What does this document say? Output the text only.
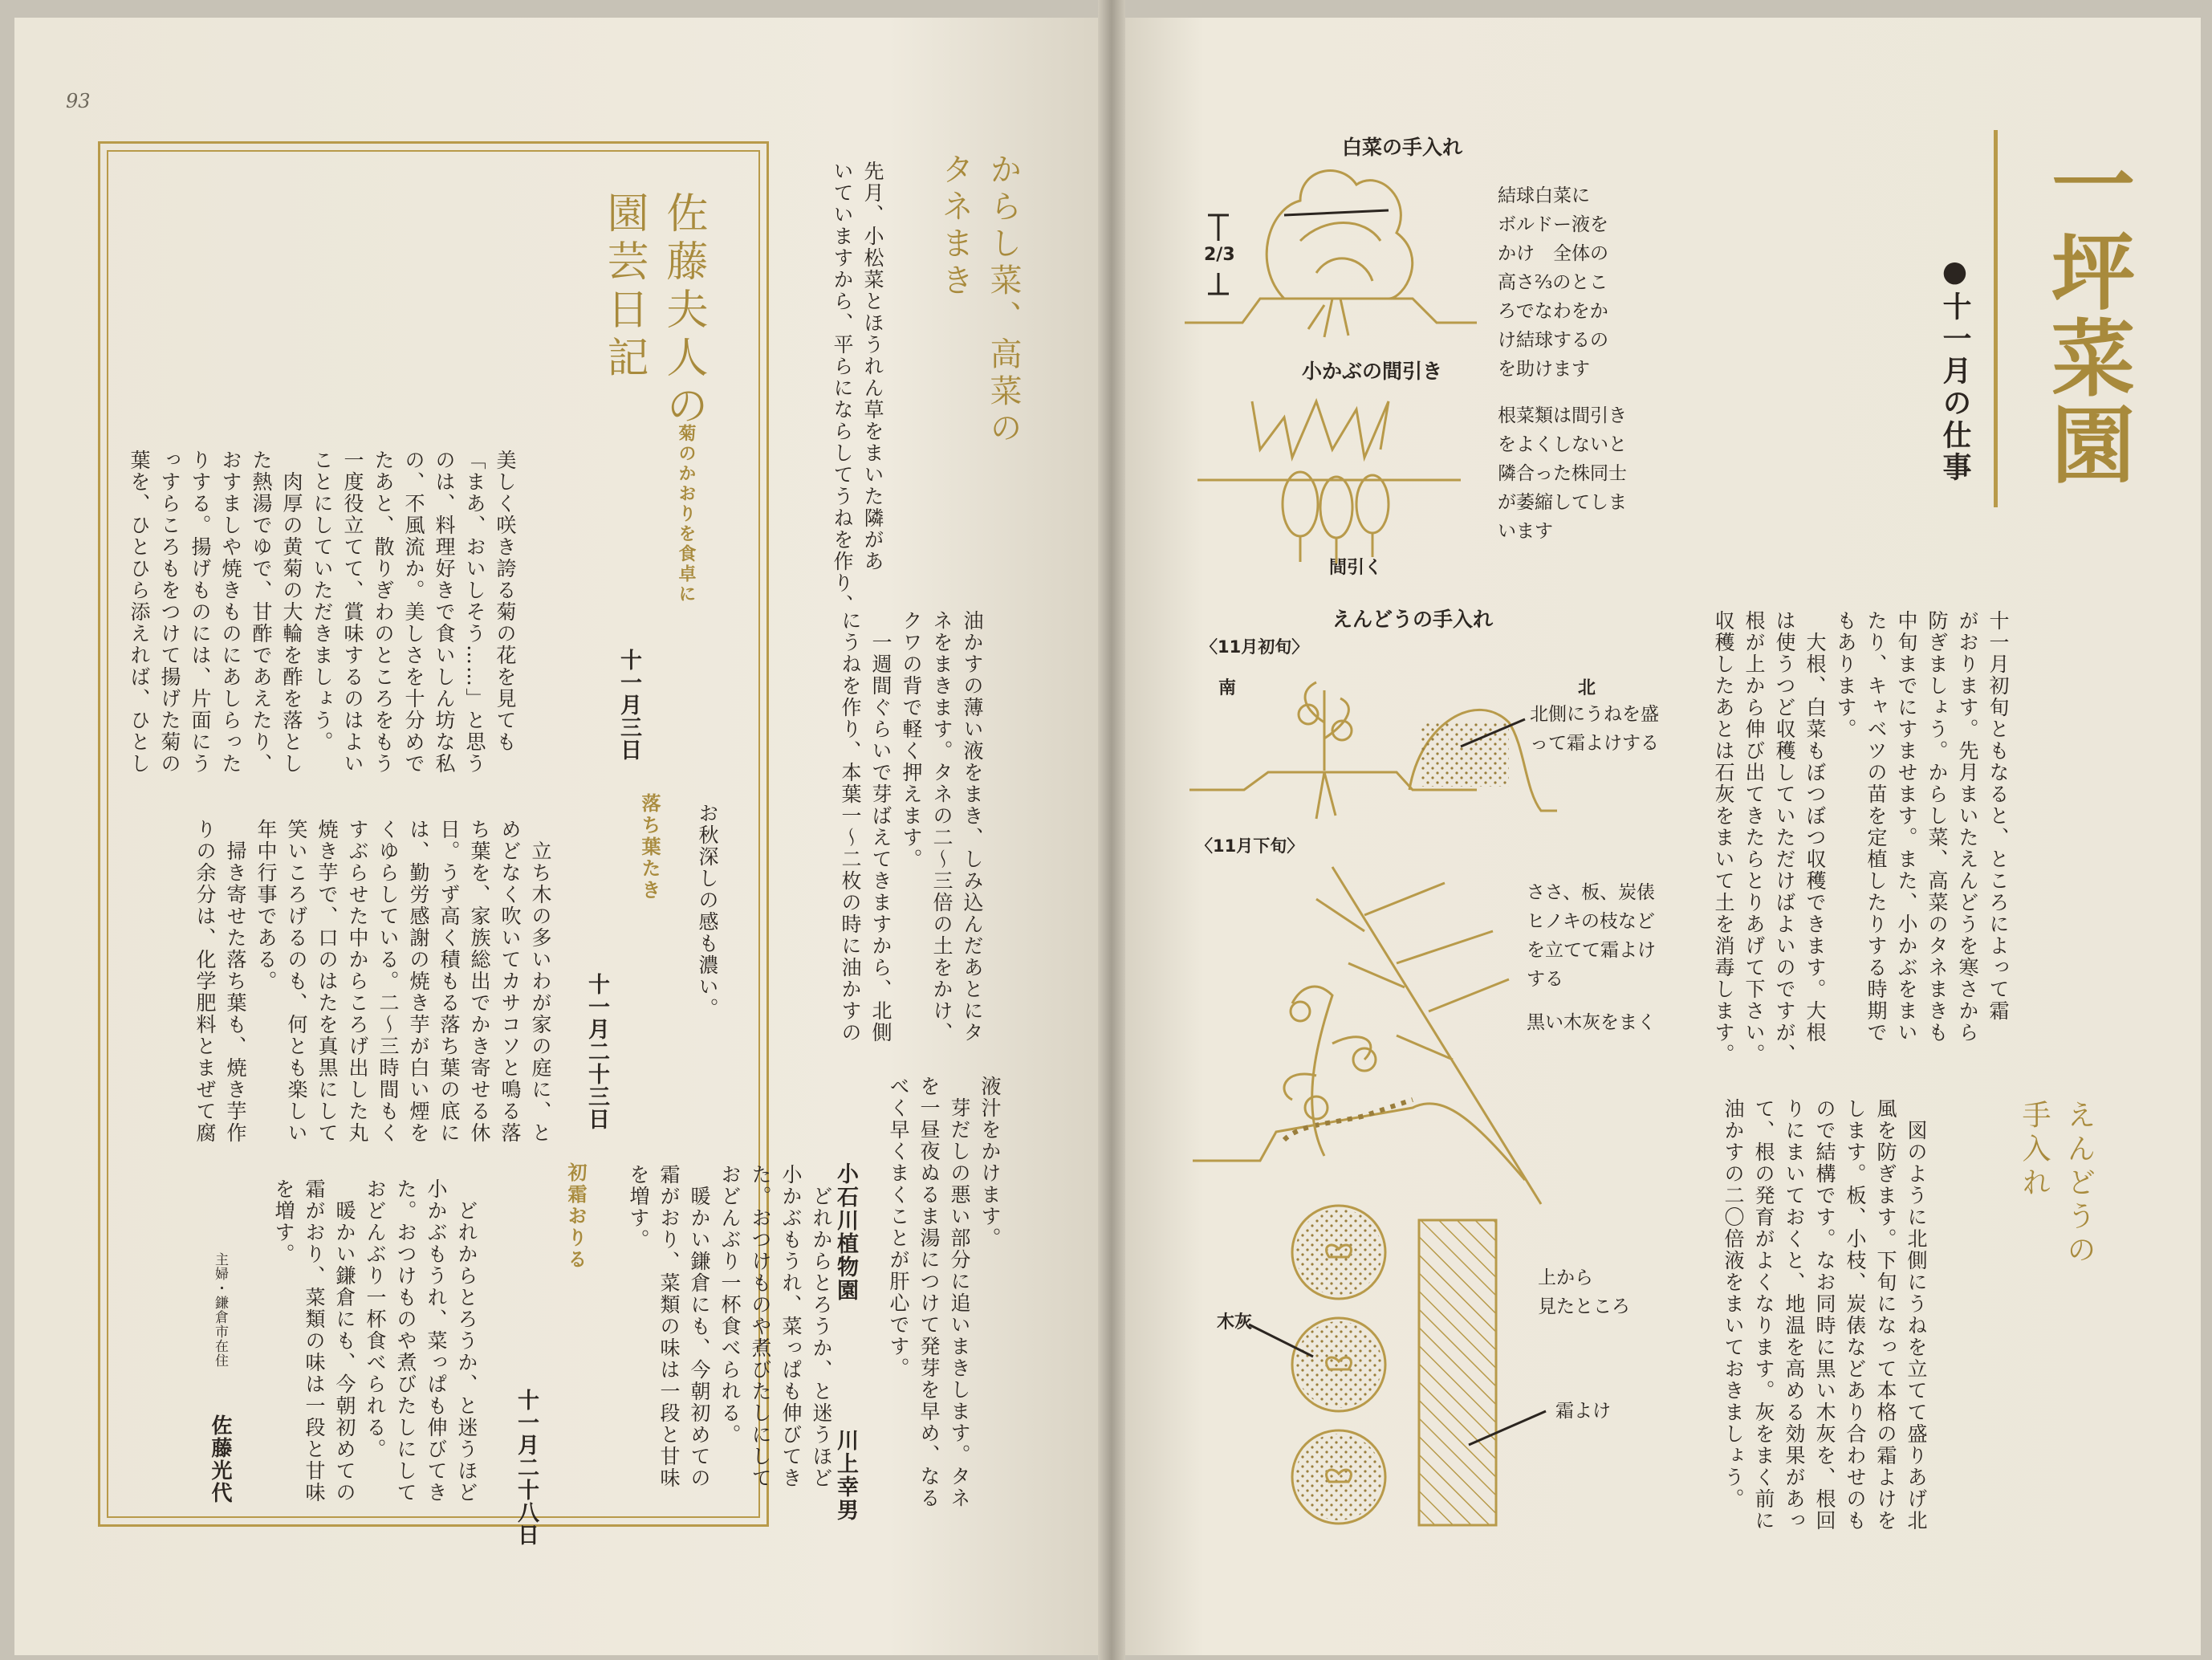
93
佐藤夫人の
園芸日記
菊のかおりを食卓に
十一月三日
美しく咲き誇る菊の花を見ても
「まあ、おいしそう……」と思う
のは、料理好きで食いしん坊な私
の、不風流か。美しさを十分めで
たあと、散りぎわのところをもう
一度役立てて、賞味するのはよい
ことにしていただきましょう。
　肉厚の黄菊の大輪を酢を落とし
た熱湯でゆで、甘酢であえたり、
おすましや焼きものにあしらった
りする。揚げものには、片面にう
っすらころもをつけて揚げた菊の
葉を、ひとひら添えれば、ひとし
お秋深しの感も濃い。
落ち葉たき
十一月二十三日
　立ち木の多いわが家の庭に、と
めどなく吹いてカサコソと鳴る落
ち葉を、家族総出でかき寄せる休
日。うず高く積もる落ち葉の底に
は、勤労感謝の焼き芋が白い煙を
くゆらしている。二～三時間もく
すぶらせた中からころげ出した丸
焼き芋で、口のはたを真黒にして
笑いころげるのも、何とも楽しい
年中行事である。
　掃き寄せた落ち葉も、焼き芋作
りの余分は、化学肥料とまぜて腐
　どれからとろうか、と迷うほど
小かぶもうれ、菜っぱも伸びてき
た。おつけものや煮びたしにして
おどんぶり一杯食べられる。
　暖かい鎌倉にも、今朝初めての
霜がおり、菜類の味は一段と甘味
を増す。
初霜おりる
十一月二十八日
　どれからとろうか、と迷うほど
小かぶもうれ、菜っぱも伸びてき
た。おつけものや煮びたしにして
おどんぶり一杯食べられる。
　暖かい鎌倉にも、今朝初めての
霜がおり、菜類の味は一段と甘味
を増す。
主婦・鎌倉市在住
佐藤光代
からし菜、高菜の
タネまき
先月、小松菜とほうれん草をまいた隣があ
いていますから、平らにならしてうねを作り、
油かすの薄い液をまき、しみ込んだあとにタ
ネをまきます。タネの二～三倍の土をかけ、
クワの背で軽く押えます。
　一週間ぐらいで芽ばえてきますから、北側
にうねを作り、本葉一～二枚の時に油かすの
液汁をかけます。
　芽だしの悪い部分に追いまきします。タネ
を一昼夜ぬるま湯につけて発芽を早め、なる
べく早くまくことが肝心です。
小石川植物園
川上幸男
一坪菜園
●十一月の仕事
十一月初旬ともなると、ところによって霜
がおります。先月まいたえんどうを寒さから
防ぎましょう。からし菜、高菜のタネまきも
中旬までにすませます。また、小かぶをまい
たり、キャベツの苗を定植したりする時期で
もあります。
　大根、白菜もぼつぼつ収穫できます。大根
は使うつど収穫していただけばよいのですが、
根が上から伸び出てきたらとりあげて下さい。
収穫したあとは石灰をまいて土を消毒します。
えんどうの
手入れ
　図のように北側にうねを立てて盛りあげ北
風を防ぎます。下旬になって本格の霜よけを
します。板、小枝、炭俵などあり合わせのも
ので結構です。なお同時に黒い木灰を、根回
りにまいておくと、地温を高める効果があっ
て、根の発育がよくなります。灰をまく前に
油かすの二〇倍液をまいておきましょう。
白菜の手入れ
結球白菜に
ボルドー液を
かけ　全体の
高さ⅔のとこ
ろでなわをか
け結球するの
を助けます
小かぶの間引き
根菜類は間引き
をよくしないと
隣合った株同士
が萎縮してしま
います
間引く
えんどうの手入れ
〈11月初旬〉
南	北
北側にうねを盛
って霜よけする
〈11月下旬〉
ささ、板、炭俵
ヒノキの枝など
を立てて霜よけ
する
黒い木灰をまく
木灰
上から
見たところ
霜よけ
2/3
